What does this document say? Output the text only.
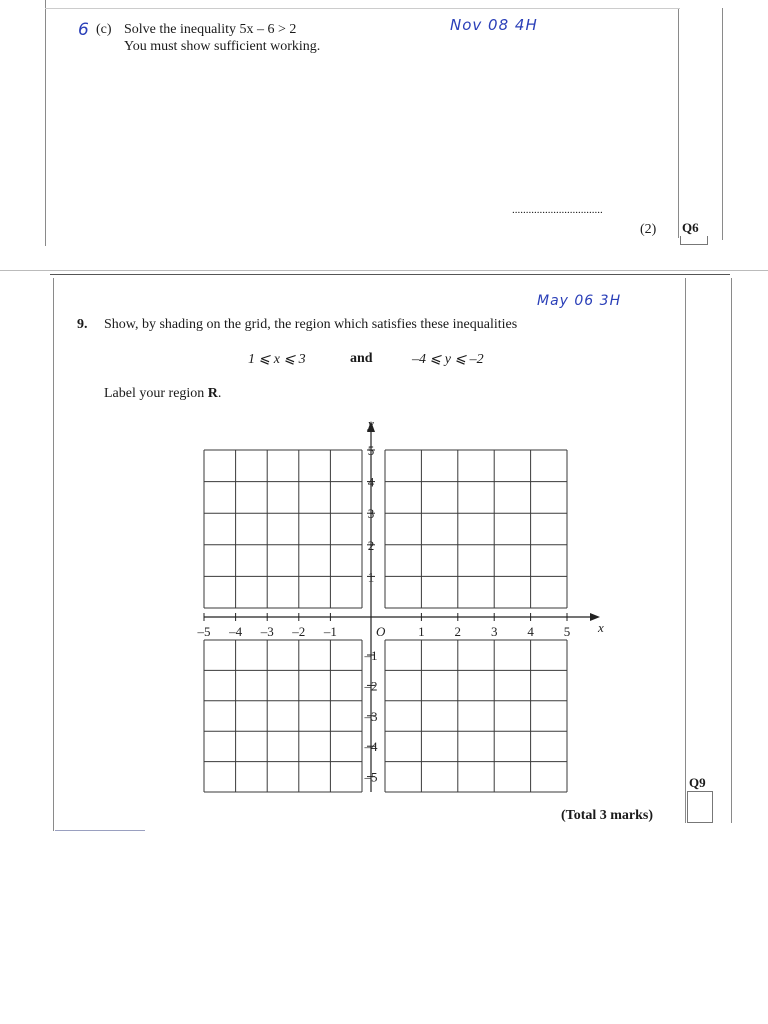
6 (c) Solve the inequality 5x – 6 > 2
You must show sufficient working.
Nov 08 4H
.................................
(2) Q6
May 06 3H
9. Show, by shading on the grid, the region which satisfies these inequalities
1 ⩽ x ⩽ 3	and	–4 ⩽ y ⩽ –2
Label your region R.
–5 –4 –3 –2 –1	1 2 3 4 5
5
4
3
2
1
–1
–2
–3
–4
–5
x
y
O
(Total 3 marks)
Q9
